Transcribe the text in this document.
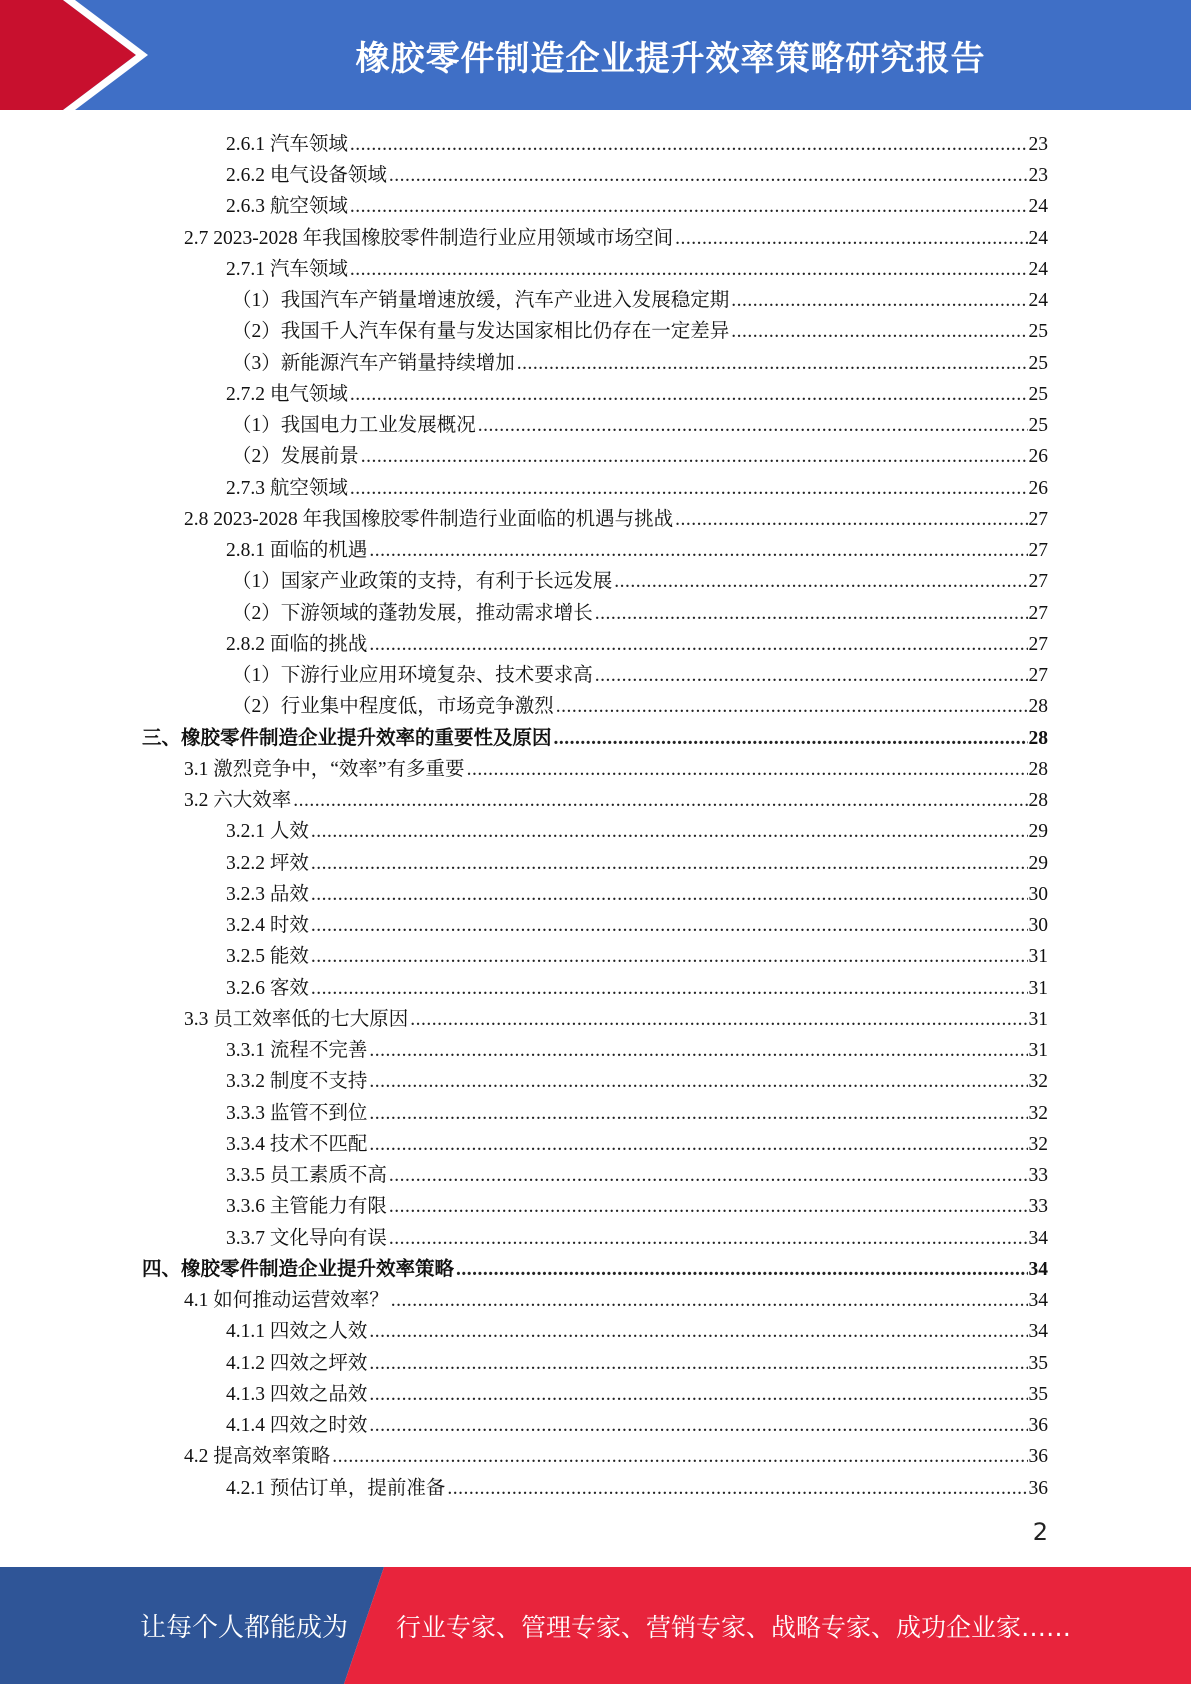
橡胶零件制造企业提升效率策略研究报告
2.6.1 汽车领域 .....	23
2.6.2 电气设备领域 .....	23
2.6.3 航空领域 .....	24
2.7 2023-2028 年我国橡胶零件制造行业应用领域市场空间 .....	24
2.7.1 汽车领域 .....	24
（1）我国汽车产销量增速放缓，汽车产业进入发展稳定期 .....	24
（2）我国千人汽车保有量与发达国家相比仍存在一定差异 .....	25
（3）新能源汽车产销量持续增加 .....	25
2.7.2 电气领域 .....	25
（1）我国电力工业发展概况 .....	25
（2）发展前景 .....	26
2.7.3 航空领域 .....	26
2.8 2023-2028 年我国橡胶零件制造行业面临的机遇与挑战 .....	27
2.8.1 面临的机遇 .....	27
（1）国家产业政策的支持，有利于长远发展 .....	27
（2）下游领域的蓬勃发展，推动需求增长 .....	27
2.8.2 面临的挑战 .....	27
（1）下游行业应用环境复杂、技术要求高 .....	27
（2）行业集中程度低，市场竞争激烈 .....	28
三、橡胶零件制造企业提升效率的重要性及原因 .....	28
3.1 激烈竞争中，“效率”有多重要 .....	28
3.2 六大效率 .....	28
3.2.1 人效 .....	29
3.2.2 坪效 .....	29
3.2.3 品效 .....	30
3.2.4 时效 .....	30
3.2.5 能效 .....	31
3.2.6 客效 .....	31
3.3 员工效率低的七大原因 .....	31
3.3.1 流程不完善 .....	31
3.3.2 制度不支持 .....	32
3.3.3 监管不到位 .....	32
3.3.4 技术不匹配 .....	32
3.3.5 员工素质不高 .....	33
3.3.6 主管能力有限 .....	33
3.3.7 文化导向有误 .....	34
四、橡胶零件制造企业提升效率策略 .....	34
4.1 如何推动运营效率？ .....	34
4.1.1 四效之人效 .....	34
4.1.2 四效之坪效 .....	35
4.1.3 四效之品效 .....	35
4.1.4 四效之时效 .....	36
4.2 提高效率策略 .....	36
4.2.1 预估订单，提前准备 .....	36
2
让每个人都能成为 行业专家、管理专家、营销专家、战略专家、成功企业家……
